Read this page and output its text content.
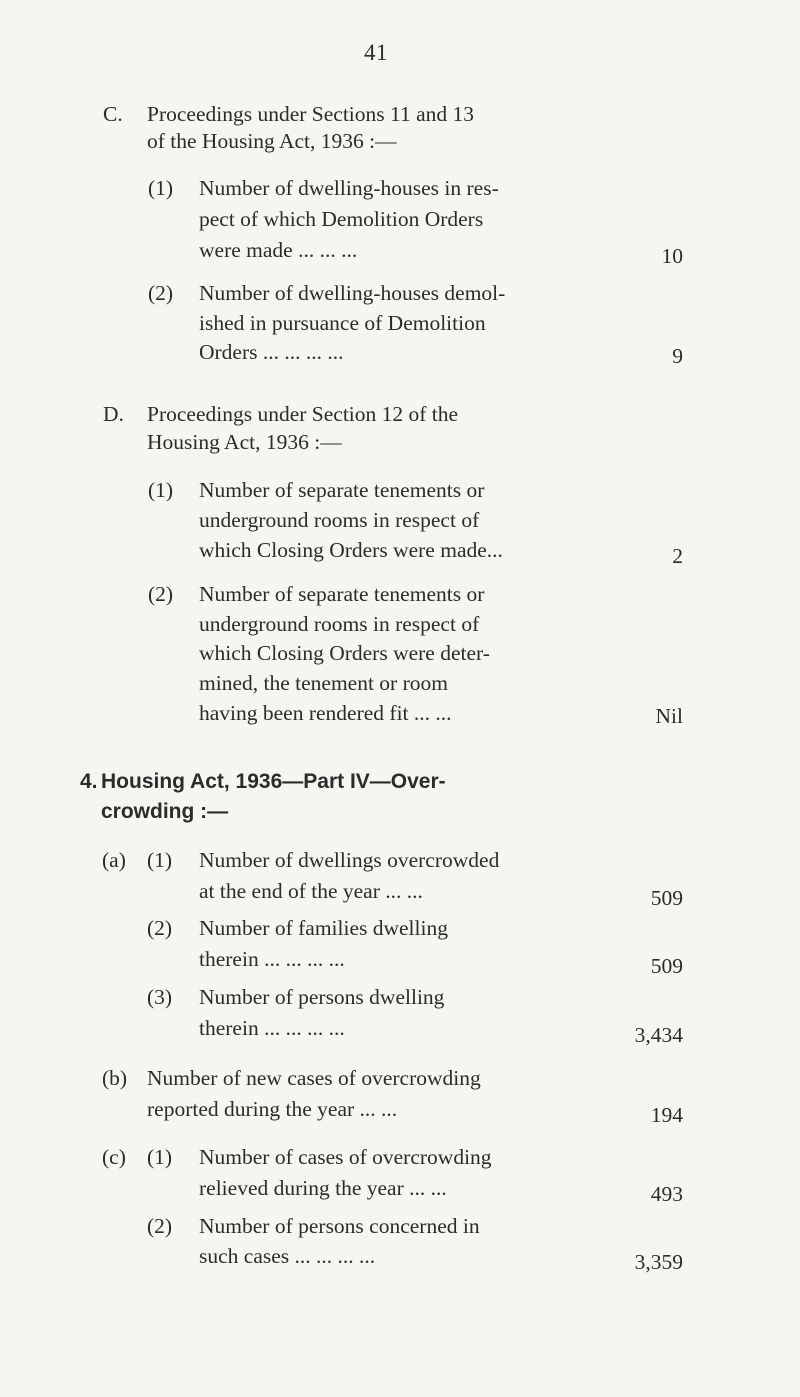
41
C. Proceedings under Sections 11 and 13
of the Housing Act, 1936 :—
(1) Number of dwelling-houses in res-
pect of which Demolition Orders
were made ... ... ...	10
(2) Number of dwelling-houses demol-
ished in pursuance of Demolition
Orders ... ... ... ...	9
D. Proceedings under Section 12 of the
Housing Act, 1936 :—
(1) Number of separate tenements or
underground rooms in respect of
which Closing Orders were made...	2
(2) Number of separate tenements or
underground rooms in respect of
which Closing Orders were deter-
mined, the tenement or room
having been rendered fit ... ...	Nil
4. Housing Act, 1936—Part IV—Over-
crowding :—
(a) (1) Number of dwellings overcrowded
at the end of the year ... ...	509
(2) Number of families dwelling
therein ... ... ... ...	509
(3) Number of persons dwelling
therein ... ... ... ...	3,434
(b) Number of new cases of overcrowding
reported during the year ... ...	194
(c) (1) Number of cases of overcrowding
relieved during the year ... ...	493
(2) Number of persons concerned in
such cases ... ... ... ...	3,359
